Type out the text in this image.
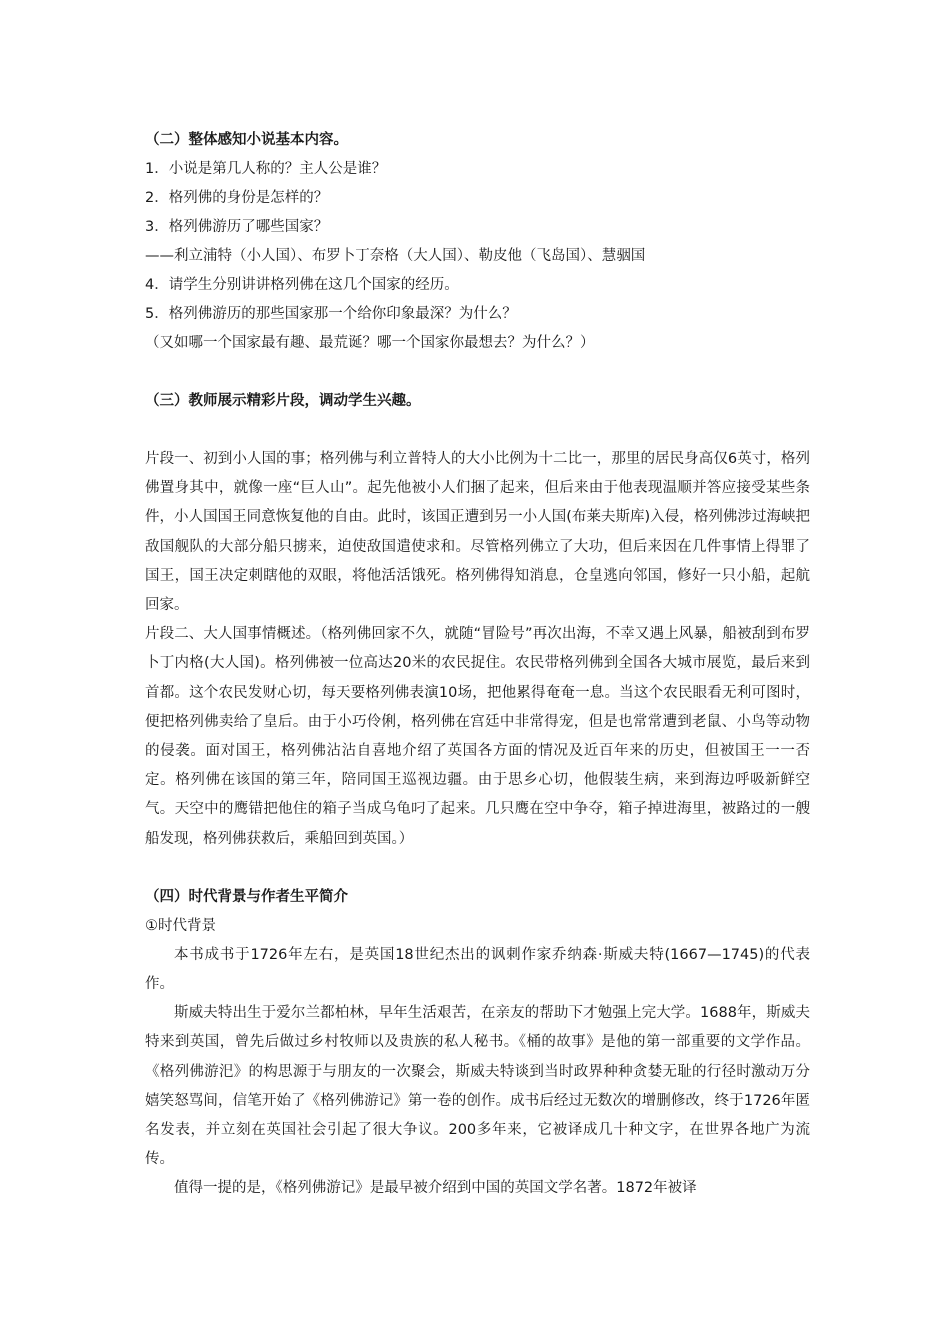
（二）整体感知小说基本内容。
1．小说是第几人称的？主人公是谁？
2．格列佛的身份是怎样的？
3．格列佛游历了哪些国家？
——利立浦特（小人国）、布罗卜丁奈格（大人国）、勒皮他（飞岛国）、慧骃国
4．请学生分别讲讲格列佛在这几个国家的经历。
5．格列佛游历的那些国家那一个给你印象最深？为什么？
（又如哪一个国家最有趣、最荒诞？哪一个国家你最想去？为什么？）
（三）教师展示精彩片段，调动学生兴趣。

片段一、初到小人国的事；格列佛与利立普特人的大小比例为十二比一，那里的居民身高仅6英寸，格列佛置身其中，就像一座“巨人山”。起先他被小人们捆了起来，但后来由于他表现温顺并答应接受某些条件，小人国国王同意恢复他的自由。此时，该国正遭到另一小人国(布莱夫斯库)入侵，格列佛涉过海峡把敌国舰队的大部分船只掳来，迫使敌国遣使求和。尽管格列佛立了大功，但后来因在几件事情上得罪了国王，国王决定刺瞎他的双眼，将他活活饿死。格列佛得知消息，仓皇逃向邻国，修好一只小船，起航回家。

片段二、大人国事情概述。（格列佛回家不久，就随“冒险号”再次出海，不幸又遇上风暴，船被刮到布罗卜丁内格(大人国)。格列佛被一位高达20米的农民捉住。农民带格列佛到全国各大城市展览，最后来到首都。这个农民发财心切，每天要格列佛表演10场，把他累得奄奄一息。当这个农民眼看无利可图时，便把格列佛卖给了皇后。由于小巧伶俐，格列佛在宫廷中非常得宠，但是也常常遭到老鼠、小鸟等动物的侵袭。面对国王，格列佛沾沾自喜地介绍了英国各方面的情况及近百年来的历史，但被国王一一否定。格列佛在该国的第三年，陪同国王巡视边疆。由于思乡心切，他假装生病，来到海边呼吸新鲜空气。天空中的鹰错把他住的箱子当成乌龟叼了起来。几只鹰在空中争夺，箱子掉进海里，被路过的一艘船发现，格列佛获救后，乘船回到英国。）

（四）时代背景与作者生平简介
①时代背景

本书成书于1726年左右，是英国18世纪杰出的讽刺作家乔纳森·斯威夫特(1667—1745)的代表作。

斯威夫特出生于爱尔兰都柏林，早年生活艰苦，在亲友的帮助下才勉强上完大学。1688年，斯威夫特来到英国，曾先后做过乡村牧师以及贵族的私人秘书。《桶的故事》是他的第一部重要的文学作品。《格列佛游汜》的构思源于与朋友的一次聚会，斯威夫特谈到当时政界种种贪婪无耻的行径时激动万分嬉笑怒骂间，信笔开始了《格列佛游记》第一卷的创作。成书后经过无数次的增删修改，终于1726年匿名发表，并立刻在英国社会引起了很大争议。200多年来，它被译成几十种文字，在世界各地广为流传。

值得一提的是，《格列佛游记》是最早被介绍到中国的英国文学名著。1872年被译
